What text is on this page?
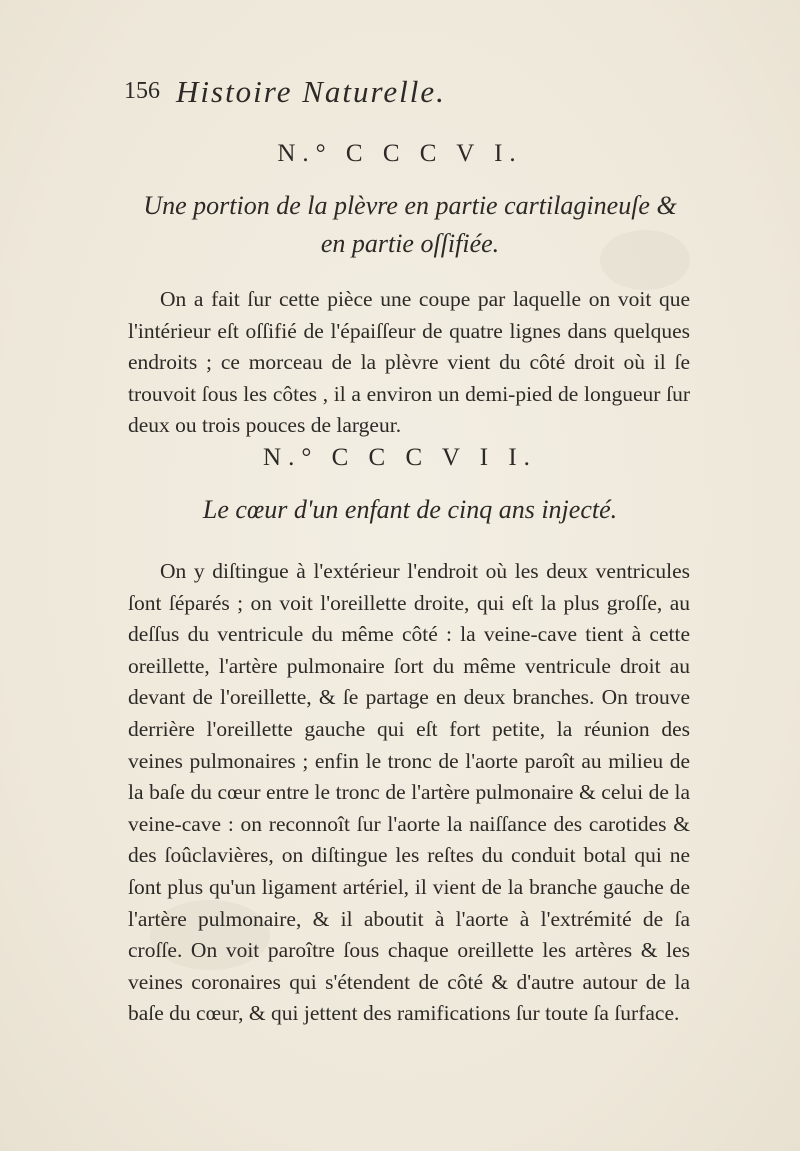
156 Histoire Naturelle.
N.° C C C V I.
Une portion de la plèvre en partie cartilagineuſe & en partie oſſifiée.

On a fait ſur cette pièce une coupe par laquelle on voit que l'intérieur eſt oſſifié de l'épaiſſeur de quatre lignes dans quelques endroits ; ce morceau de la plèvre vient du côté droit où il ſe trouvoit ſous les côtes , il a environ un demi-pied de longueur ſur deux ou trois pouces de largeur.

N.° C C C V I I.
Le cœur d'un enfant de cinq ans injecté.

On y diſtingue à l'extérieur l'endroit où les deux ventricules ſont ſéparés ; on voit l'oreillette droite, qui eſt la plus groſſe, au deſſus du ventricule du même côté : la veine-cave tient à cette oreillette, l'artère pulmonaire ſort du même ventricule droit au devant de l'oreillette, & ſe partage en deux branches. On trouve derrière l'oreillette gauche qui eſt fort petite, la réunion des veines pulmonaires ; enfin le tronc de l'aorte paroît au milieu de la baſe du cœur entre le tronc de l'artère pulmonaire & celui de la veine-cave : on reconnoît ſur l'aorte la naiſſance des carotides & des ſoûclavières, on diſtingue les reſtes du conduit botal qui ne ſont plus qu'un ligament artériel, il vient de la branche gauche de l'artère pulmonaire, & il aboutit à l'aorte à l'extrémité de ſa croſſe. On voit paroître ſous chaque oreillette les artères & les veines coronaires qui s'étendent de côté & d'autre autour de la baſe du cœur, & qui jettent des ramifications ſur toute ſa ſurface.
